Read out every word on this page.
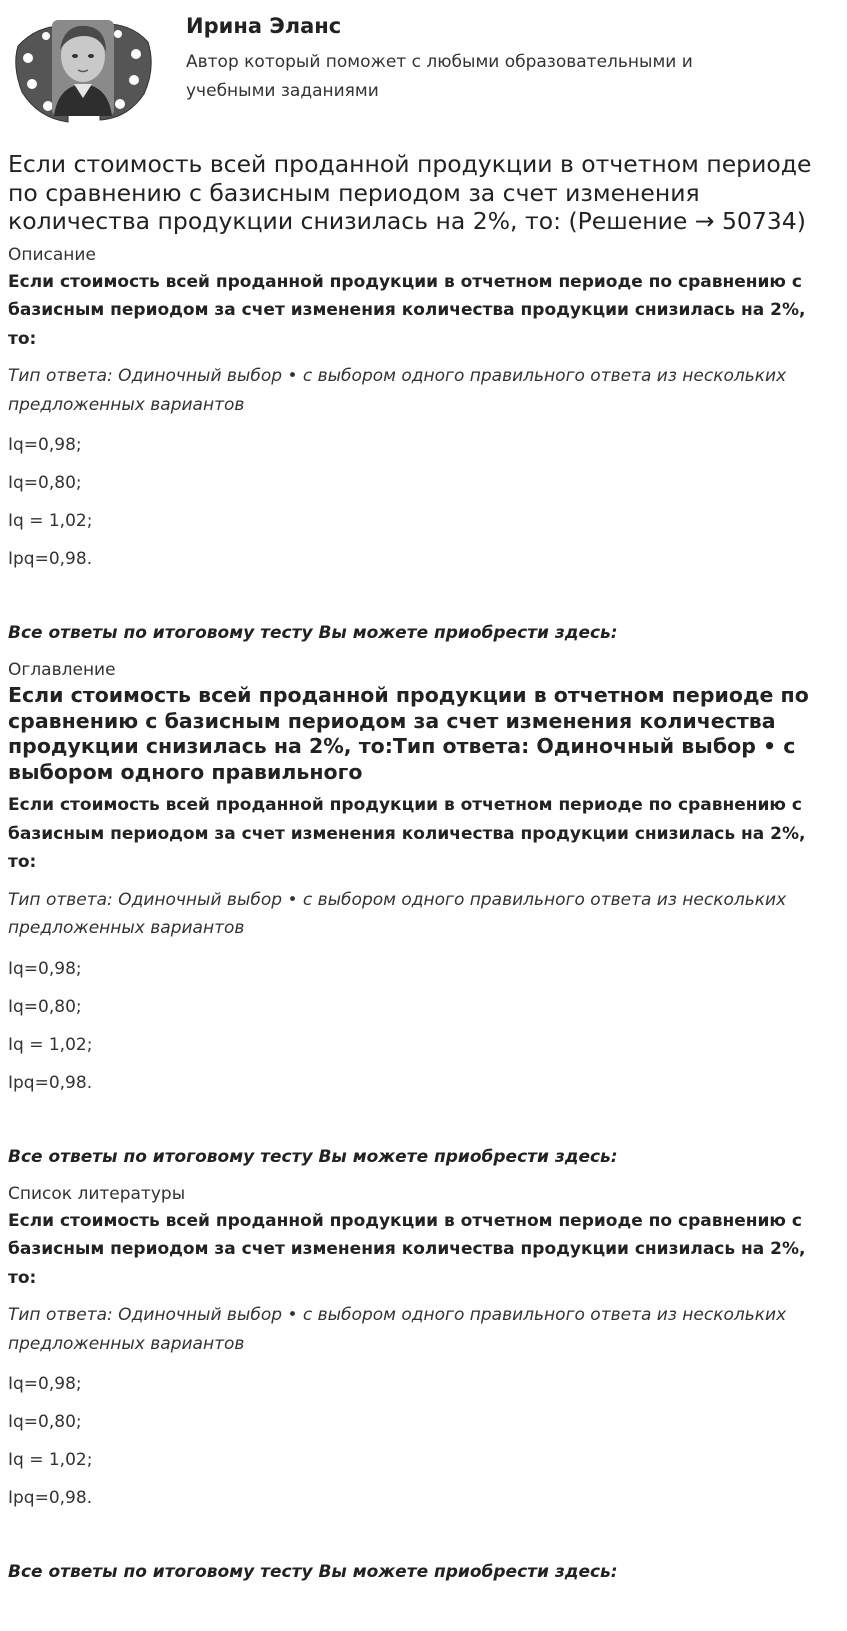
Ирина Эланс
Автор который поможет с любыми образовательными и учебными заданиями
Если стоимость всей проданной продукции в отчетном периоде по сравнению с базисным периодом за счет изменения количества продукции снизилась на 2%, то: (Решение → 50734)
Описание
Если стоимость всей проданной продукции в отчетном периоде по сравнению с базисным периодом за счет изменения количества продукции снизилась на 2%, то:
Тип ответа: Одиночный выбор • с выбором одного правильного ответа из нескольких предложенных вариантов
Iq=0,98;
Iq=0,80;
Iq = 1,02;
Ipq=0,98.
Все ответы по итоговому тесту Вы можете приобрести здесь:
Оглавление
Если стоимость всей проданной продукции в отчетном периоде по сравнению с базисным периодом за счет изменения количества продукции снизилась на 2%, то:Тип ответа: Одиночный выбор • с выбором одного правильного
Если стоимость всей проданной продукции в отчетном периоде по сравнению с базисным периодом за счет изменения количества продукции снизилась на 2%, то:
Тип ответа: Одиночный выбор • с выбором одного правильного ответа из нескольких предложенных вариантов
Iq=0,98;
Iq=0,80;
Iq = 1,02;
Ipq=0,98.
Все ответы по итоговому тесту Вы можете приобрести здесь:
Список литературы
Если стоимость всей проданной продукции в отчетном периоде по сравнению с базисным периодом за счет изменения количества продукции снизилась на 2%, то:
Тип ответа: Одиночный выбор • с выбором одного правильного ответа из нескольких предложенных вариантов
Iq=0,98;
Iq=0,80;
Iq = 1,02;
Ipq=0,98.
Все ответы по итоговому тесту Вы можете приобрести здесь:
